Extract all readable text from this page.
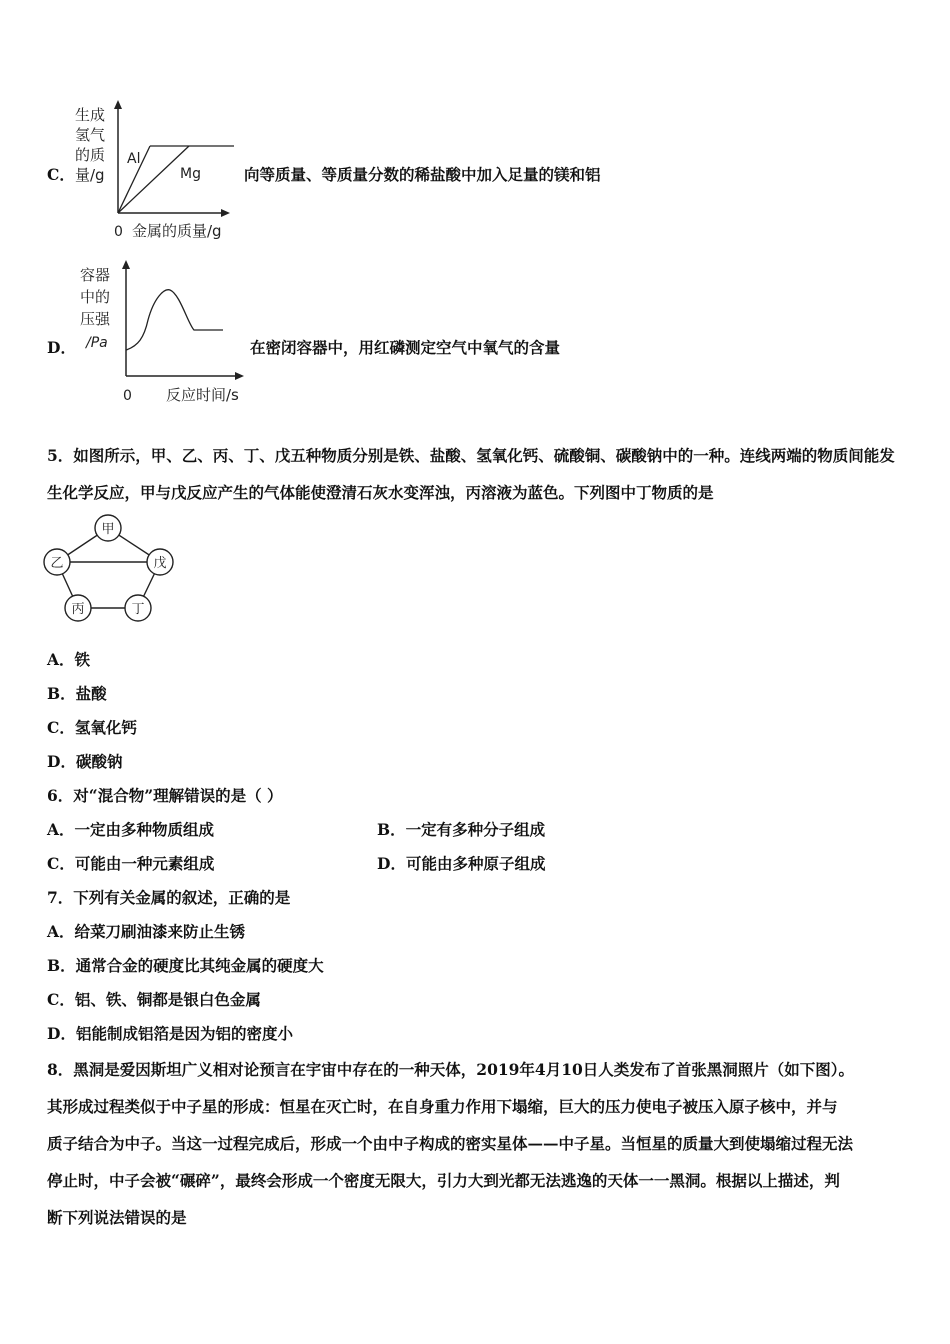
C．
生成
氢气
的质
量/g
Al
Mg
0 金属的质量/g
向等质量、等质量分数的稀盐酸中加入足量的镁和铝
D．
容器
中的
压强
/Pa
0 反应时间/s
在密闭容器中，用红磷测定空气中氧气的含量
5．如图所示，甲、乙、丙、丁、戊五种物质分别是铁、盐酸、氢氧化钙、硫酸铜、碳酸钠中的一种。连线两端的物质间能发
生化学反应，甲与戊反应产生的气体能使澄清石灰水变浑浊，丙溶液为蓝色。下列图中丁物质的是
甲
乙	戊
丙	丁
A．铁
B．盐酸
C．氢氧化钙
D．碳酸钠
6．对“混合物”理解错误的是（ ）
A．一定由多种物质组成	B．一定有多种分子组成
C．可能由一种元素组成	D．可能由多种原子组成
7．下列有关金属的叙述，正确的是
A．给菜刀刷油漆来防止生锈
B．通常合金的硬度比其纯金属的硬度大
C．铝、铁、铜都是银白色金属
D．铝能制成铝箔是因为铝的密度小
8．黑洞是爱因斯坦广义相对论预言在宇宙中存在的一种天体，2019年4月10日人类发布了首张黑洞照片（如下图）。
其形成过程类似于中子星的形成：恒星在灭亡时，在自身重力作用下塌缩，巨大的压力使电子被压入原子核中，并与
质子结合为中子。当这一过程完成后，形成一个由中子构成的密实星体——中子星。当恒星的质量大到使塌缩过程无法
停止时，中子会被“碾碎”，最终会形成一个密度无限大，引力大到光都无法逃逸的天体一一黑洞。根据以上描述，判
断下列说法错误的是
